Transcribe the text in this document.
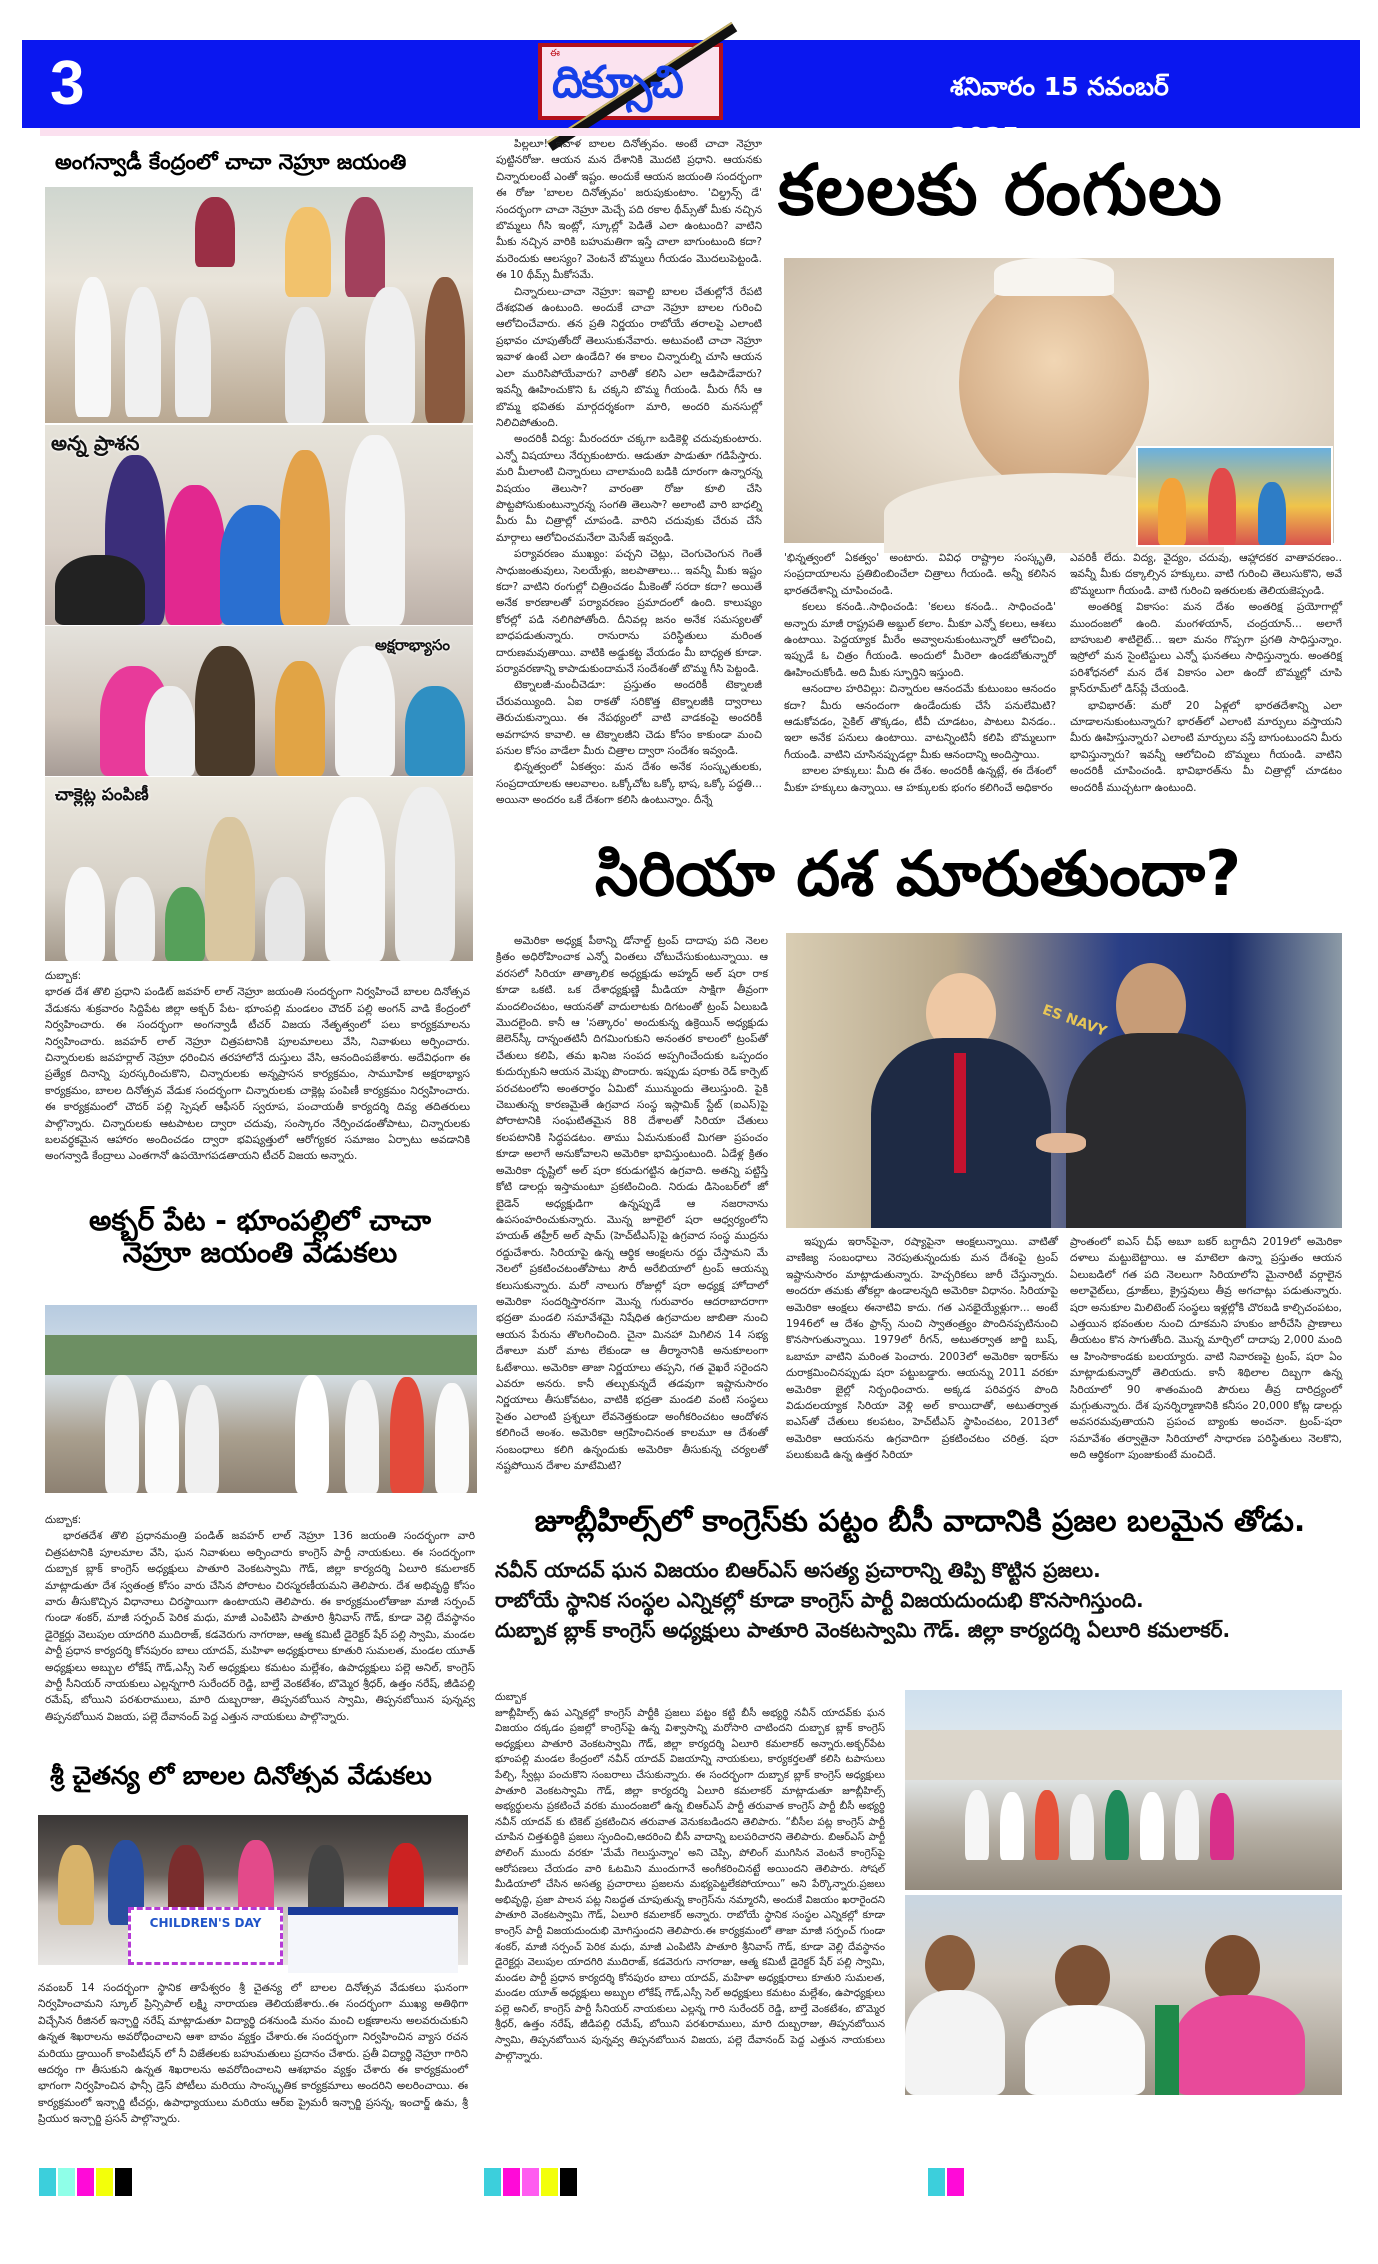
3	ఈ
దిక్సూచి	శనివారం 15 నవంబర్ 2025
అంగన్వాడీ కేంద్రంలో చాచా నెహ్రూ జయంతి
అన్న ప్రాశన
అక్షరాభ్యాసం
చాక్లెట్ల పంపిణీ

దుబ్బాక:

భారత దేశ తొలి ప్రధాని పండిట్ జవహర్ లాల్ నెహ్రూ జయంతి సందర్భంగా నిర్వహించే బాలల దినోత్సవ వేడుకను శుక్రవారం సిద్దిపేట జిల్లా అక్బర్ పేట- భూంపల్లి మండలం చౌదర్ పల్లి అంగన్ వాడి కేంద్రంలో నిర్వహించారు. ఈ సందర్భంగా అంగన్వాడీ టీచర్ విజయ నేతృత్వంలో పలు కార్యక్రమాలను నిర్వహించారు. జవహర్ లాల్ నెహ్రూ చిత్రపటానికి పూలమాలలు వేసి, నివాళులు అర్పించారు. చిన్నారులకు జవహర్లాల్ నెహ్రూ ధరించిన తరహాలోనే దుస్తులు వేసి, ఆనందింపజేశారు. అదేవిధంగా ఈ ప్రత్యేక దినాన్ని పురస్కరించుకొని, చిన్నారులకు అన్నప్రాసన కార్యక్రమం, సామూహిక అక్షరాభ్యాస కార్యక్రమం, బాలల దినోత్సవ వేడుక సందర్భంగా చిన్నారులకు చాక్లెట్ల పంపిణీ కార్యక్రమం నిర్వహించారు. ఈ కార్యక్రమంలో చౌదర్ పల్లి స్పెషల్ ఆఫీసర్ స్వరూప, పంచాయతీ కార్యదర్శి దివ్య తదితరులు పాల్గొన్నారు. చిన్నారులకు ఆటపాటల ద్వారా చదువు, సంస్కారం నేర్పించడంతోపాటు, చిన్నారులకు బలవర్ధకమైన ఆహారం అందించడం ద్వారా భవిష్యత్తులో ఆరోగ్యకర సమాజం ఏర్పాటు అవడానికి అంగన్వాడి కేంద్రాలు ఎంతగానో ఉపయోగపడతాయని టీచర్ విజయ అన్నారు.

అక్బర్ పేట - భూంపల్లిలో చాచా నెహ్రూ జయంతి వేడుకలు

దుబ్బాక:

భారతదేశ తొలి ప్రధానమంత్రి పండిత్ జవహర్ లాల్ నెహ్రూ 136 జయంతి సందర్భంగా వారి చిత్రపటానికి పూలమాల వేసి, ఘన నివాళులు అర్పించారు కాంగ్రెస్ పార్టీ నాయకులు. ఈ సందర్భంగా దుబ్బాక బ్లాక్ కాంగ్రెస్ అధ్యక్షులు పాతూరి వెంకటస్వామి గౌడ్, జిల్లా కార్యదర్శి ఏలూరి కమలాకర్ మాట్లాడుతూ దేశ స్వతంత్ర కోసం వారు చేసిన పోరాటం చిరస్మరణీయమని తెలిపారు. దేశ అభివృద్ధి కోసం వారు తీసుకొచ్చిన విధానాలు చిరస్థాయిగా ఉంటాయని తెలిపారు. ఈ కార్యక్రమంలోతాజా మాజీ సర్పంచ్ గుండా శంకర్, మాజీ సర్పంచ్ పెరిక మధు, మాజీ ఎంపిటిసి పాతూరి శ్రీనివాస్ గౌడ్, కూడా వెల్లి దేవస్థానం డైరెక్టర్లు వెలుపుల యాదగిరి ముదిరాజ్, కడవెరుగు నాగరాజు, ఆత్మ కమిటీ డైరెక్టర్ షేర్ పల్లి స్వామి, మండల పార్టీ ప్రధాన కార్యదర్శి కోనపురం బాలు యాదవ్, మహిళా అధ్యక్షురాలు కూతురి సుమలత, మండల యూత్ అధ్యక్షులు అబ్బుల లోకేష్ గౌడ్,ఎస్సీ సెల్ అధ్యక్షులు కమటం మల్లేశం, ఉపాధ్యక్షులు పల్లె అనిల్, కాంగ్రెస్ పార్టీ సీనియర్ నాయకులు ఎల్లన్నగారి సురేందర్ రెడ్డి, బాల్తే వెంకటేశం, బొమ్మెర శ్రీధర్, ఉత్తం నరేష్, జీడిపల్లి రమేష్, బోయిని పరశురాములు, మారి దుబ్బరాజు, తిప్పనబోయిన స్వామి, తిప్పనబోయిన పున్నవ్వ తిప్పనబోయిన విజయ, పల్లె దేవానంద్ పెద్ద ఎత్తున నాయకులు పాల్గొన్నారు.

శ్రీ చైతన్య లో బాలల దినోత్సవ వేడుకలు
CHILDREN'S DAY

నవంబర్ 14 సందర్భంగా స్థానిక తాపేశ్వరం శ్రీ చైతన్య లో బాలల దినోత్సవ వేడుకలు ఘనంగా నిర్వహించామని స్కూల్ ప్రిన్సిపాల్ లక్ష్మి నారాయణ తెలియజేశారు..ఈ సందర్భంగా ముఖ్య అతిథిగా విచ్చేసిన రీజినల్ ఇన్చార్జి నరేష్ మాట్లాడుతూ విద్యార్థి దశనుండి మనం మంచి లక్షణాలను అలవరుచుకుని ఉన్నత శిఖరాలను అవరోధించాలని ఆశా బావం వ్యక్తం చేశారు.ఈ సందర్భంగా నిర్వహించిన వ్యాస రచన మరియు డ్రాయింగ్ కాంపిటీషన్ లో నీ విజేతలకు బహుమతులు ప్రదానం చేశారు. ప్రతీ విద్యార్థి నెహ్రూ గారిని ఆదర్శం గా తీసుకుని ఉన్నత శిఖరాలను అవరోదించాలని ఆశభావం వ్యక్తం చేశారు ఈ కార్యక్రమంలో భాగంగా నిర్వహించిన ఫాన్సీ డ్రెస్ పోటీలు మరియు సాంస్కృతిక కార్యక్రమాలు అందరిని అలరించాయి. ఈ కార్యక్రమంలో ఇన్చార్జి టీచర్లు, ఉపాధ్యాయులు మరియు ఆర్ఐ ప్రైమరీ ఇన్చార్జి ప్రసన్న, ఇంచార్జ్ ఉమ, శ్రీ ప్రియుర ఇన్చార్జి ప్రసన్ పాల్గొన్నారు.

పిల్లలూ! ఇవాళ బాలల దినోత్సవం. అంటే చాచా నెహ్రూ పుట్టినరోజు. ఆయన మన దేశానికి మొదటి ప్రధాని. ఆయనకు చిన్నారులంటే ఎంతో ఇష్టం. అందుకే ఆయన జయంతి సందర్భంగా ఈ రోజు 'బాలల దినోత్సవం' జరుపుకుంటాం. 'చిల్డ్రన్స్ డే' సందర్భంగా చాచా నెహ్రూ మెచ్చే పది రకాల థీమ్స్‌తో మీకు నచ్చిన బొమ్మలు గీసి ఇంట్లో, స్కూల్లో పెడితే ఎలా ఉంటుంది? వాటిని మీకు నచ్చిన వారికి బహుమతిగా ఇస్తే చాలా బాగుంటుంది కదా? మరెందుకు ఆలస్యం? వెంటనే బొమ్మలు గీయడం మొదలుపెట్టండి. ఈ 10 థీమ్స్ మీకోసమే.

చిన్నారులు-చాచా నెహ్రూ: ఇవాల్టి బాలల చేతుల్లోనే రేపటి దేశభవిత ఉంటుంది. అందుకే చాచా నెహ్రూ బాలల గురించి ఆలోచించేవారు. తన ప్రతి నిర్ణయం రాబోయే తరాలపై ఎలాంటి ప్రభావం చూపుతోందో తెలుసుకునేవారు. అటువంటి చాచా నెహ్రూ ఇవాళ ఉంటే ఎలా ఉండేది? ఈ కాలం చిన్నారుల్ని చూసి ఆయన ఎలా మురిసిపోయేవారు? వారితో కలిసి ఎలా ఆడిపాడేవారు? ఇవన్నీ ఊహించుకొని ఓ చక్కని బొమ్మ గీయండి. మీరు గీసే ఆ బొమ్మ భవితకు మార్గదర్శకంగా మారి, అందరి మనసుల్లో నిలిచిపోతుంది.

అందరికీ విద్య: మీరందరూ చక్కగా బడికెళ్లి చదువుకుంటారు. ఎన్నో విషయాలు నేర్చుకుంటారు. ఆడుతూ పాడుతూ గడిపేస్తారు. మరి మీలాంటి చిన్నారులు చాలామంది బడికి దూరంగా ఉన్నారన్న విషయం తెలుసా? వారంతా రోజు కూలి చేసి పొట్టపోసుకుంటున్నారన్న సంగతి తెలుసా? అలాంటి వారి బాధల్ని మీరు మీ చిత్రాల్లో చూపండి. వారిని చదువుకు చేరువ చేసే మార్గాలు ఆలోచించమనేలా మెసేజ్ ఇవ్వండి.

పర్యావరణం ముఖ్యం: పచ్చని చెట్లు, చెంగుచెంగున గెంతే సాధుజంతువులు, సెలయేళ్లు, జలపాతాలు... ఇవన్నీ మీకు ఇష్టం కదా? వాటిని రంగుల్లో చిత్రించడం మీకెంతో సరదా కదా? అయితే అనేక కారణాలతో పర్యావరణం ప్రమాదంలో ఉంది. కాలుష్యం కోరల్లో పడి నలిగిపోతోంది. దీనివల్ల జనం అనేక సమస్యలతో బాధపడుతున్నారు. రానురాను పరిస్థితులు మరింత దారుణమవుతాయి. వాటికి అడ్డుకట్ట వేయడం మీ బాధ్యత కూడా. పర్యావరణాన్ని కాపాడుకుందామనే సందేశంతో బొమ్మ గీసి పెట్టండి.

టెక్నాలజీ-మంచీచెడూ: ప్రస్తుతం అందరికీ టెక్నాలజీ చేరువయ్యింది. ఏఐ రాకతో సరికొత్త టెక్నాలజీకి ద్వారాలు తెరుచుకున్నాయి. ఈ నేపథ్యంలో వాటి వాడకంపై అందరికీ అవగాహన కావాలి. ఆ టెక్నాలజీని చెడు కోసం కాకుండా మంచి పనుల కోసం వాడేలా మీరు చిత్రాల ద్వారా సందేశం ఇవ్వండి.

భిన్నత్వంలో ఏకత్వం: మన దేశం అనేక సంస్కృతులకు, సంప్రదాయాలకు ఆలవాలం. ఒక్కోచోట ఒక్కో భాష, ఒక్కో పద్ధతి... అయినా అందరం ఒకే దేశంగా కలిసి ఉంటున్నాం. దీన్నే

కలలకు రంగులు

'భిన్నత్వంలో ఏకత్వం' అంటారు. వివిధ రాష్ట్రాల సంస్కృతి, సంప్రదాయాలను ప్రతిబింబించేలా చిత్రాలు గీయండి. అన్నీ కలిసిన భారతదేశాన్ని చూపించండి.

కలలు కనండి..సాధించండి: 'కలలు కనండి.. సాధించండి' అన్నారు మాజీ రాష్ట్రపతి అబ్దుల్ కలాం. మీకూ ఎన్నో కలలు, ఆశలు ఉంటాయి. పెద్దయ్యాక మీరేం అవ్వాలనుకుంటున్నారో ఆలోచించి, ఇప్పుడే ఓ చిత్రం గీయండి. అందులో మీరెలా ఉండబోతున్నారో ఊహించుకోండి. అది మీకు స్ఫూర్తిని ఇస్తుంది.

ఆనందాల హరివిల్లు: చిన్నారుల ఆనందమే కుటుంబం ఆనందం కదా? మీరు ఆనందంగా ఉండేందుకు చేసే పనులేమిటి? ఆడుకోవడం, సైకిల్ తొక్కడం, టీవీ చూడటం, పాటలు వినడం.. ఇలా అనేక పనులు ఉంటాయి. వాటన్నింటినీ కలిపి బొమ్మలుగా గీయండి. వాటిని చూసినప్పుడల్లా మీకు ఆనందాన్ని అందిస్తాయి.

బాలల హక్కులు: మీది ఈ దేశం. అందరికీ ఉన్నట్లే, ఈ దేశంలో మీకూ హక్కులు ఉన్నాయి. ఆ హక్కులకు భంగం కలిగించే అధికారం

ఎవరికీ లేదు. విద్య, వైద్యం, చదువు, ఆహ్లాదకర వాతావరణం.. ఇవన్నీ మీకు దక్కాల్సిన హక్కులు. వాటి గురించి తెలుసుకొని, అవే బొమ్మలుగా గీయండి. వాటి గురించి ఇతరులకు తెలియజెప్పండి.

అంతరిక్ష వికాసం: మన దేశం అంతరిక్ష ప్రయోగాల్లో ముందంజలో ఉంది. మంగళయాన్, చంద్రయాన్... అలాగే బాహుబలి శాటిలైట్... ఇలా మనం గొప్పగా ప్రగతి సాధిస్తున్నాం. ఇస్రోలో మన సైంటిస్టులు ఎన్నో ఘనతలు సాధిస్తున్నారు. అంతరిక్ష పరిశోధనలో మన దేశ వికాసం ఎలా ఉందో బొమ్మల్లో చూపి క్లాస్‌రూమ్‌లో డిస్‌ప్లే చేయండి.

భావిభారత్: మరో 20 ఏళ్లలో భారతదేశాన్ని ఎలా చూడాలనుకుంటున్నారు? భారత్‌లో ఎలాంటి మార్పులు వస్తాయని మీరు ఊహిస్తున్నారు? ఎలాంటి మార్పులు వస్తే బాగుంటుందని మీరు భావిస్తున్నారు? ఇవన్నీ ఆలోచించి బొమ్మలు గీయండి. వాటిని అందరికీ చూపించండి. భావిభారత్‌ను మీ చిత్రాల్లో చూడటం అందరికీ ముచ్చటగా ఉంటుంది.

సిరియా దశ మారుతుందా?

అమెరికా అధ్యక్ష పీఠాన్ని డోనాల్డ్ ట్రంప్ దాదాపు పది నెలల క్రితం అధిరోహించాక ఎన్నో వింతలు చోటుచేసుకుంటున్నాయి. ఆ వరసలో సిరియా తాత్కాలిక అధ్యక్షుడు అహ్మద్ అల్ షరా రాక కూడా ఒకటి. ఒక దేశాధ్యక్షుణ్ణి మీడియా సాక్షిగా తీవ్రంగా మందలించటం, ఆయనతో వాదులాటకు దిగటంతో ట్రంప్ ఏలుబడి మొదలైంది. కానీ ఆ 'సత్కారం' అందుకున్న ఉక్రెయిన్ అధ్యక్షుడు జెలెన్‌స్కీ దాన్నంతటినీ దిగమింగుకుని అనంతర కాలంలో ట్రంప్‌తో చేతులు కలిపి, తమ ఖనిజ సంపద అప్పగించేందుకు ఒప్పందం కుదుర్చుకుని ఆయన మెప్పు పొందారు. ఇప్పుడు షరాకు రెడ్ కార్పెట్ పరచటంలోని అంతరార్థం ఏమిటో ముున్ముందు తెలుస్తుంది. పైకి చెబుతున్న కారణమైతే ఉగ్రవాద సంస్థ ఇస్లామిక్ స్టేట్ (ఐఎస్)పై పోరాటానికి సంఘటితమైన 88 దేశాలతో సిరియా చేతులు కలపటానికి సిద్ధపడటం. తాము ఏమనుకుంటే మిగతా ప్రపంచం కూడా అలాగే అనుకోవాలని అమెరికా భావిస్తుంటుంది. ఏడేళ్ల క్రితం అమెరికా దృష్టిలో అల్ షరా కరుడుగట్టిన ఉగ్రవాది. అతన్ని పట్టిస్తే కోటి డాలర్లు ఇస్తామంటూ ప్రకటించింది. నిరుడు డిసెంబర్‌లో జో బైడెన్ అధ్యక్షుడిగా ఉన్నప్పుడే ఆ నజరానాను ఉపసంహరించుకున్నారు. మొన్న జూలైలో షరా ఆధ్వర్యంలోని హయత్ తహ్రీర్ అల్ షామ్ (హెచ్‌టీఎస్)పై ఉగ్రవాద సంస్థ ముద్రను రద్దుచేశారు. సిరియాపై ఉన్న ఆర్థిక ఆంక్షలను రద్దు చేస్తామని మే నెలలో ప్రకటించటంతోపాటు సౌదీ అరేబియాలో ట్రంప్ ఆయన్ను కలుసుకున్నారు. మరో నాలుగు రోజుల్లో షరా అధ్యక్ష హోదాలో అమెరికా సందర్శిస్తారనగా మొన్న గురువారం ఆదరాబాదరాగా భద్రతా మండలి సమావేశమై నిషేధిత ఉగ్రవాదుల జాబితా నుంచి ఆయన పేరును తొలగించింది. చైనా మినహా మిగిలిన 14 సభ్య దేశాలూ మరో మాట లేకుండా ఆ తీర్మానానికి అనుకూలంగా ఓటేశాయి. అమెరికా తాజా నిర్ణయాలు తప్పని, గత వైఖరే సరైందని ఎవరూ అనరు. కానీ తల్చుకున్నదే తడవుగా ఇష్టానుసారం నిర్ణయాలు తీసుకోవటం, వాటికి భద్రతా మండలి వంటి సంస్థలు సైతం ఎలాంటి ప్రశ్నలూ లేవనెత్తకుండా అంగీకరించటం ఆందోళన కలిగించే అంశం. అమెరికా ఆగ్రహించినంత కాలమూ ఆ దేశంతో సంబంధాలు కలిగి ఉన్నందుకు అమెరికా తీసుకున్న చర్యలతో నష్టపోయిన దేశాల మాటేమిటి?

ES NAVY

ఇప్పుడు ఇరాన్‌పైనా, రష్యాపైనా ఆంక్షలున్నాయి. వాటితో వాణిజ్య సంబంధాలు నెరపుతున్నందుకు మన దేశంపై ట్రంప్ ఇష్టానుసారం మాట్లాడుతున్నారు. హెచ్చరికలు జారీ చేస్తున్నారు. అందరూ తమకు తోకల్లా ఉండాలన్నది అమెరికా విధానం. సిరియాపై అమెరికా ఆంక్షలు ఈనాటివి కాదు. గత ఎనభైయ్యేళ్లుగా... అంటే 1946లో ఆ దేశం ఫ్రాన్స్ నుంచి స్వాతంత్ర్యం పొందినప్పటినుంచి కొనసాగుతున్నాయి. 1979లో రీగన్, అటుతర్వాత జార్జి బుష్, ఒబామా వాటిని మరింత పెంచారు. 2003లో అమెరికా ఇరాక్‌ను దురాక్రమించినప్పుడు షరా పట్టుబడ్డారు. ఆయన్ను 2011 వరకూ అమెరికా జైల్లో నిర్బంధించారు. అక్కడ పరివర్తన పొంది విడుదలయ్యాక సిరియా వెళ్లి అల్ కాయిదాతో, అటుతర్వాత ఐఎస్‌తో చేతులు కలపటం, హెచ్‌టీఎస్ స్థాపించటం, 2013లో అమెరికా ఆయనను ఉగ్రవాదిగా ప్రకటించటం చరిత్ర. షరా పలుకుబడి ఉన్న ఉత్తర సిరియా

ప్రాంతంలో ఐఎస్ చీఫ్ అబూ బకర్ బగ్దాదీని 2019లో అమెరికా దళాలు మట్టుబెట్టాయి. ఆ మాటెలా ఉన్నా ప్రస్తుతం ఆయన ఏలుబడిలో గత పది నెలలుగా సిరియాలోని మైనారిటీ వర్గాలైన అలావైట్‌లు, డ్రూజ్‌లు, క్రైస్తవులు తీవ్ర అగచాట్లు పడుతున్నారు. షరా అనుకూల మిలిటెంట్ సంస్థలు ఇళ్లల్లోకి చొరబడి కాల్చిచంపటం, ఎత్తయిన భవంతుల నుంచి దూకమని హుకుం జారీచేసి ప్రాణాలు తీయటం కొన సాగుతోంది. మొన్న మార్చిలో దాదాపు 2,000 మంది ఆ హింసాకాండకు బలయ్యారు. వాటి నివారణపై ట్రంప్, షరా ఏం మాట్లాడుకున్నారో తెలియదు. కానీ శిథిలాల దిబ్బగా ఉన్న సిరియాలో 90 శాతంమంది పౌరులు తీవ్ర దారిద్ర్యంలో మగ్గుతున్నారు. దేశ పునర్నిర్మాణానికి కనీసం 20,000 కోట్ల డాలర్లు అవసరమవుతాయని ప్రపంచ బ్యాంకు అంచనా. ట్రంప్-షరా సమావేశం తర్వాతైనా సిరియాలో సాధారణ పరిస్థితులు నెలకొని, అది ఆర్థికంగా పుంజుకుంటే మంచిదే.

జూబ్లీహిల్స్‌లో కాంగ్రెస్‌కు పట్టం బీసీ వాదానికి ప్రజల బలమైన తోడు.
నవీన్ యాదవ్ ఘన విజయం బిఆర్ఎస్ అసత్య ప్రచారాన్ని తిప్పి కొట్టిన ప్రజలు.
రాబోయే స్థానిక సంస్థల ఎన్నికల్లో కూడా కాంగ్రెస్ పార్టీ విజయదుందుభి కొనసాగిస్తుంది.
దుబ్బాక బ్లాక్ కాంగ్రెస్ అధ్యక్షులు పాతూరి వెంకటస్వామి గౌడ్. జిల్లా కార్యదర్శి ఏలూరి కమలాకర్.

దుబ్బాక

జూబ్లీహిల్స్ ఉప ఎన్నికల్లో కాంగ్రెస్ పార్టీకి ప్రజలు పట్టం కట్టి బీసీ అభ్యర్థి నవీన్ యాదవ్‌కు ఘన విజయం దక్కడం ప్రజల్లో కాంగ్రెస్‌పై ఉన్న విశ్వాసాన్ని మరోసారి చాటిందని దుబ్బాక బ్లాక్ కాంగ్రెస్ అధ్యక్షులు పాతూరి వెంకటస్వామి గౌడ్, జిల్లా కార్యదర్శి ఏలూరి కమలాకర్ అన్నారు.అక్బర్‌పేట భూంపల్లి మండల కేంద్రంలో నవీన్ యాదవ్ విజయాన్ని నాయకులు, కార్యకర్తలతో కలిసి టపాసులు పేల్చి, స్వీట్లు పంచుకొని సంబరాలు చేసుకున్నారు. ఈ సందర్భంగా దుబ్బాక బ్లాక్ కాంగ్రెస్ అధ్యక్షులు పాతూరి వెంకటస్వామి గౌడ్, జిల్లా కార్యదర్శి ఏలూరి కమలాకర్ మాట్లాడుతూ జూబ్లీహిల్స్ అభ్యర్థులను ప్రకటించే వరకు ముందంజలో ఉన్న బిఆర్ఎస్ పార్టీ తరువాత కాంగ్రెస్ పార్టీ బీసీ అభ్యర్థి నవీన్ యాదవ్ కు టికెట్ ప్రకటించిన తరువాత వెనుకబడిందని తెలిపారు. “బీసీల పట్ల కాంగ్రెస్ పార్టీ చూపిన చిత్తశుద్ధికి ప్రజలు స్పందించి,ఆదరించి బీసీ వాదాన్ని బలపరిచారని తెలిపారు. బిఆర్ఎస్ పార్టీ పోలింగ్ ముందు వరకూ 'మేమే గెలుస్తున్నాం' అని చెప్పి, పోలింగ్ ముగిసిన వెంటనే కాంగ్రెస్‌పై ఆరోపణలు చేయడం వారి ఓటమిని ముందుగానే అంగీకరించినట్టే అయిందని తెలిపారు. సోషల్ మీడియాలో చేసిన అసత్య ప్రచారాలు ప్రజలను మభ్యపెట్టలేకపోయాయి” అని పేర్కొన్నారు.ప్రజలు అభివృద్ధి, ప్రజా పాలన పట్ల నిబద్ధత చూపుతున్న కాంగ్రెస్‌ను నమ్మారనీ, అందుకే విజయం ఖరారైందని పాతూరి వెంకటస్వామి గౌడ్, ఏలూరి కమలాకర్ అన్నారు. రాబోయే స్థానిక సంస్థల ఎన్నికల్లో కూడా కాంగ్రెస్ పార్టీ విజయదుందుభి మోగిస్తుందని తెలిపారు.ఈ కార్యక్రమంలో తాజా మాజీ సర్పంచ్ గుండా శంకర్, మాజీ సర్పంచ్ పెరిక మధు, మాజీ ఎంపిటిసి పాతూరి శ్రీనివాస్ గౌడ్, కూడా వెల్లి దేవస్థానం డైరెక్టర్లు వెలుపుల యాదగిరి ముదిరాజ్, కడవెరుగు నాగరాజు, ఆత్మ కమిటీ డైరెక్టర్ షేర్ పల్లి స్వామి, మండల పార్టీ ప్రధాన కార్యదర్శి కోనపురం బాలు యాదవ్, మహిళా అధ్యక్షురాలు కూతురి సుమలత, మండల యూత్ అధ్యక్షులు అబ్బుల లోకేష్ గౌడ్,ఎస్సీ సెల్ అధ్యక్షులు కమటం మల్లేశం, ఉపాధ్యక్షులు పల్లె అనిల్, కాంగ్రెస్ పార్టీ సీనియర్ నాయకులు ఎల్లన్న గారి సురేందర్ రెడ్డి, బాల్తే వెంకటేశం, బొమ్మెర శ్రీధర్, ఉత్తం నరేష్, జీడిపల్లి రమేష్, బోయిని పరశురాములు, మారి దుబ్బరాజు, తిప్పనబోయిన స్వామి, తిప్పనబోయిన పున్నవ్వ తిప్పనబోయిన విజయ, పల్లె దేవానంద్ పెద్ద ఎత్తున నాయకులు పాల్గొన్నారు.
